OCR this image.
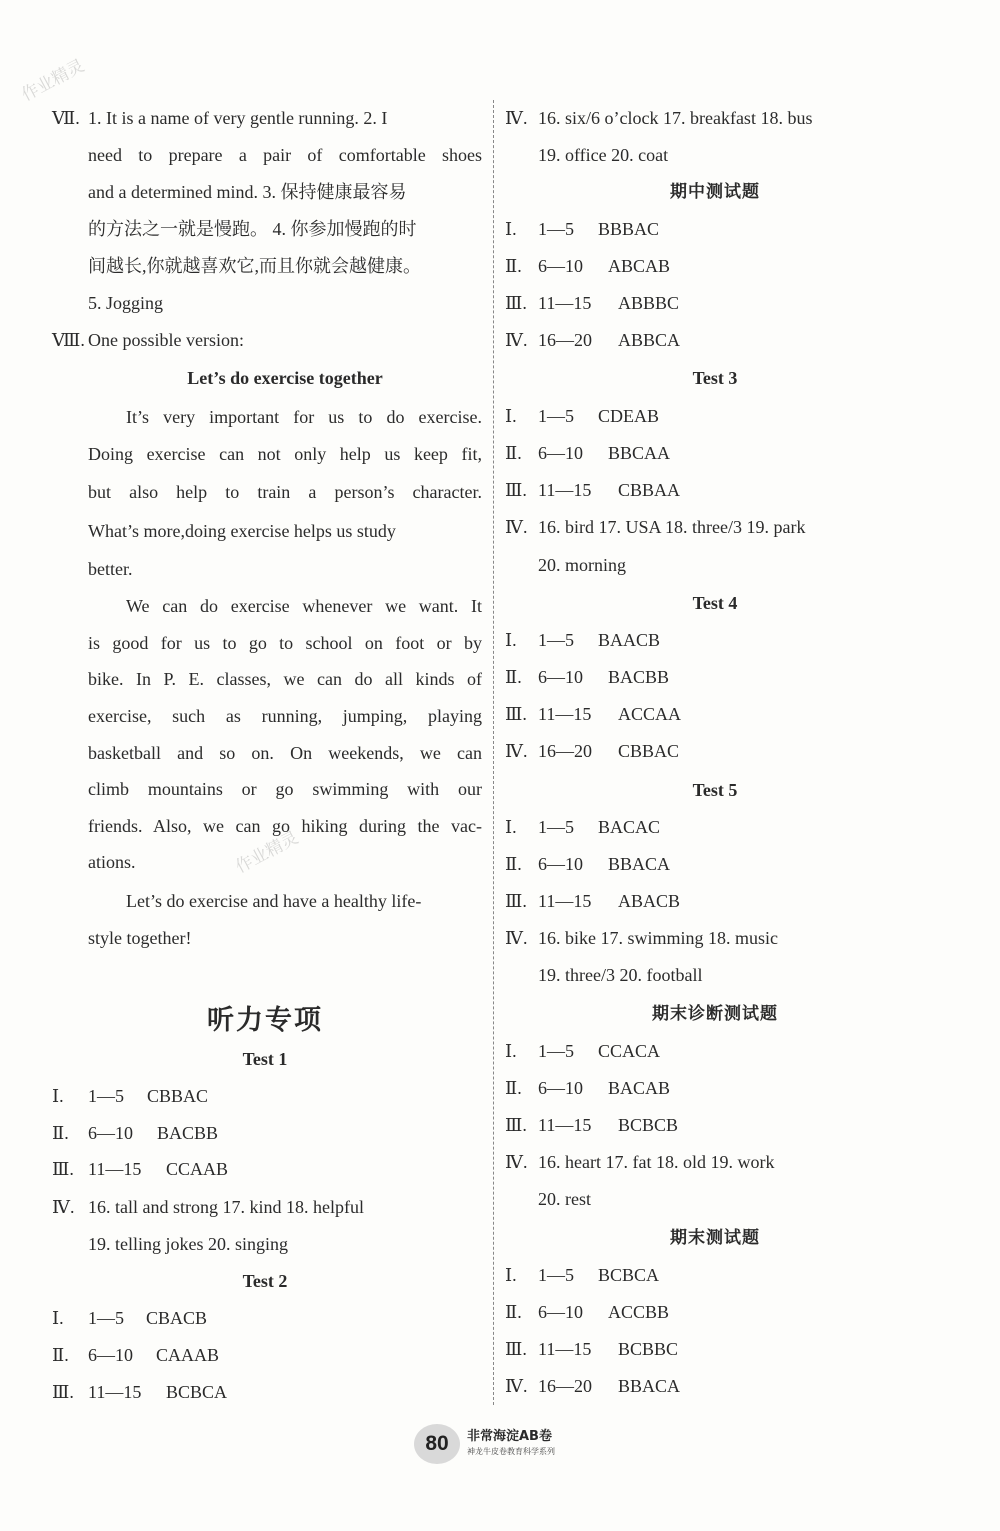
作业精灵
作业精灵
Ⅶ. 1. It is a name of very gentle running. 2. I
need to prepare a pair of comfortable shoes
and a determined mind. 3. 保持健康最容易
的方法之一就是慢跑。 4. 你参加慢跑的时
间越长,你就越喜欢它,而且你就会越健康。
5. Jogging
Ⅷ. One possible version:
Let’s do exercise together
It’s very important for us to do exercise.
Doing exercise can not only help us keep fit,
but also help to train a person’s character.
What’s more,doing exercise helps us study
better.
We can do exercise whenever we want. It
is good for us to go to school on foot or by
bike. In P. E. classes, we can do all kinds of
exercise, such as running, jumping, playing
basketball and so on. On weekends, we can
climb mountains or go swimming with our
friends. Also, we can go hiking during the vac-
ations.
Let’s do exercise and have a healthy life-
style together!
听力专项
Test 1
Ⅰ. 1—5 CBBAC
Ⅱ. 6—10 BACBB
Ⅲ. 11—15 CCAAB
Ⅳ. 16. tall and strong 17. kind 18. helpful
19. telling jokes 20. singing
Test 2
Ⅰ. 1—5 CBACB
Ⅱ. 6—10 CAAAB
Ⅲ. 11—15 BCBCA
Ⅳ. 16. six/6 o’clock 17. breakfast 18. bus
19. office 20. coat
期中测试题
Ⅰ. 1—5 BBBAC
Ⅱ. 6—10 ABCAB
Ⅲ. 11—15 ABBBC
Ⅳ. 16—20 ABBCA
Test 3
Ⅰ. 1—5 CDEAB
Ⅱ. 6—10 BBCAA
Ⅲ. 11—15 CBBAA
Ⅳ. 16. bird 17. USA 18. three/3 19. park
20. morning
Test 4
Ⅰ. 1—5 BAACB
Ⅱ. 6—10 BACBB
Ⅲ. 11—15 ACCAA
Ⅳ. 16—20 CBBAC
Test 5
Ⅰ. 1—5 BACAC
Ⅱ. 6—10 BBACA
Ⅲ. 11—15 ABACB
Ⅳ. 16. bike 17. swimming 18. music
19. three/3 20. football
期末诊断测试题
Ⅰ. 1—5 CCACA
Ⅱ. 6—10 BACAB
Ⅲ. 11—15 BCBCB
Ⅳ. 16. heart 17. fat 18. old 19. work
20. rest
期末测试题
Ⅰ. 1—5 BCBCA
Ⅱ. 6—10 ACCBB
Ⅲ. 11—15 BCBBC
Ⅳ. 16—20 BBACA
80	非常海淀AB卷
神龙牛皮卷教育科学系列
